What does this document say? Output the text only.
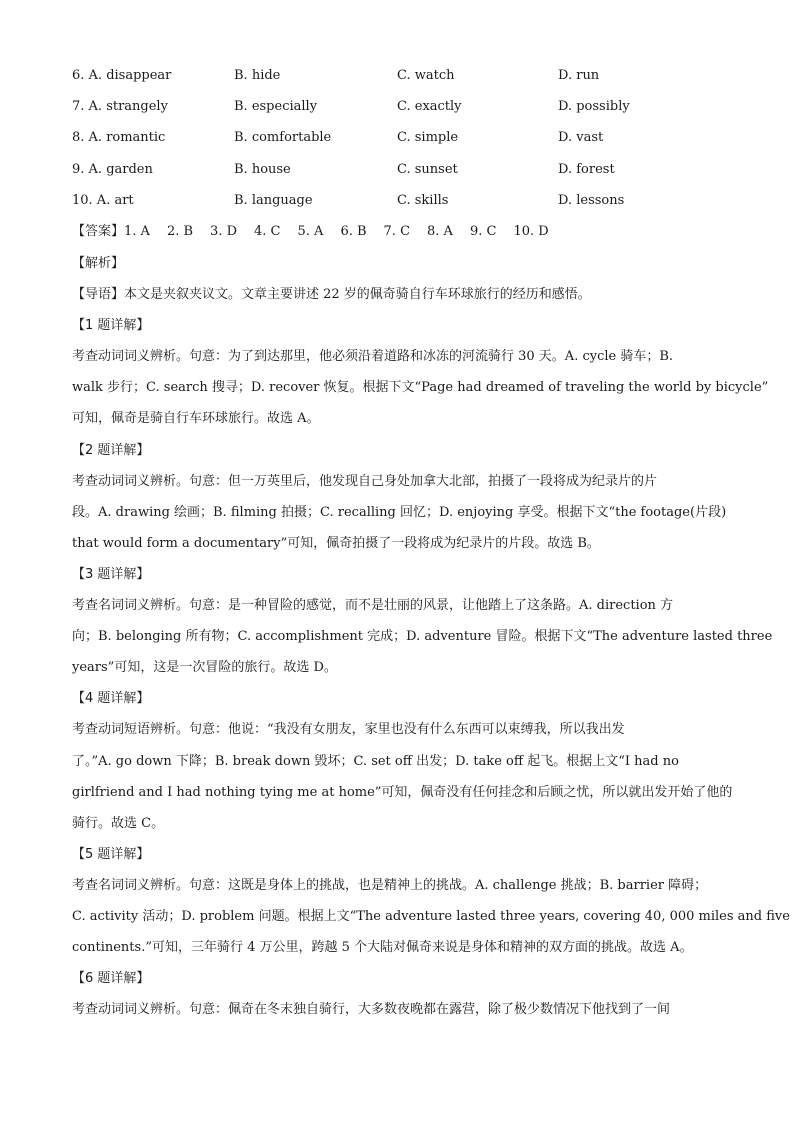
6. A. disappear	B. hide	C. watch	D. run
7. A. strangely	B. especially	C. exactly	D. possibly
8. A. romantic	B. comfortable	C. simple	D. vast
9. A. garden	B. house	C. sunset	D. forest
10. A. art	B. language	C. skills	D. lessons
【答案】1. A 2. B 3. D 4. C 5. A 6. B 7. C 8. A 9. C 10. D
【解析】
【导语】本文是夹叙夹议文。文章主要讲述 22 岁的佩奇骑自行车环球旅行的经历和感悟。
【1 题详解】
考查动词词义辨析。句意：为了到达那里，他必须沿着道路和冰冻的河流骑行 30 天。A. cycle 骑车；B.
walk 步行；C. search 搜寻；D. recover 恢复。根据下文“Page had dreamed of traveling the world by bicycle”
可知，佩奇是骑自行车环球旅行。故选 A。
【2 题详解】
考查动词词义辨析。句意：但一万英里后，他发现自己身处加拿大北部，拍摄了一段将成为纪录片的片
段。A. drawing 绘画；B. filming 拍摄；C. recalling 回忆；D. enjoying 享受。根据下文“the footage(片段)
that would form a documentary”可知，佩奇拍摄了一段将成为纪录片的片段。故选 B。
【3 题详解】
考查名词词义辨析。句意：是一种冒险的感觉，而不是壮丽的风景，让他踏上了这条路。A. direction 方
向；B. belonging 所有物；C. accomplishment 完成；D. adventure 冒险。根据下文“The adventure lasted three
years”可知，这是一次冒险的旅行。故选 D。
【4 题详解】
考查动词短语辨析。句意：他说：“我没有女朋友，家里也没有什么东西可以束缚我，所以我出发
了。”A. go down 下降；B. break down 毁坏；C. set off 出发；D. take off 起飞。根据上文“I had no
girlfriend and I had nothing tying me at home”可知，佩奇没有任何挂念和后顾之忧，所以就出发开始了他的
骑行。故选 C。
【5 题详解】
考查名词词义辨析。句意：这既是身体上的挑战，也是精神上的挑战。A. challenge 挑战；B. barrier 障碍；
C. activity 活动；D. problem 问题。根据上文“The adventure lasted three years, covering 40, 000 miles and five
continents.”可知，三年骑行 4 万公里，跨越 5 个大陆对佩奇来说是身体和精神的双方面的挑战。故选 A。
【6 题详解】
考查动词词义辨析。句意：佩奇在冬末独自骑行，大多数夜晚都在露营，除了极少数情况下他找到了一间
